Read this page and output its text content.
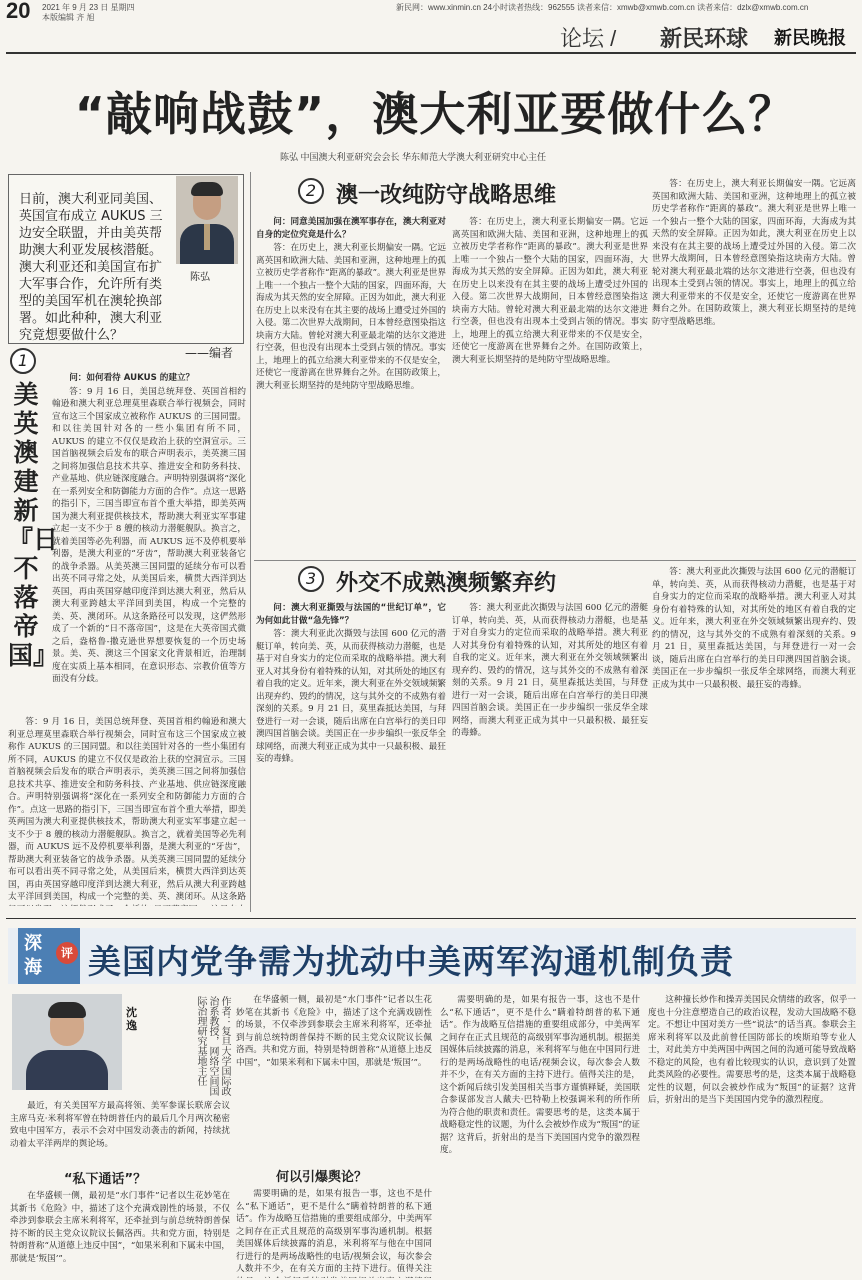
20 2021 年 9 月 23 日 星期四
本版编辑 齐 旭
新民网：www.xinmin.cn 24小时读者热线：962555 读者来信：xmwb@xmwb.com.cn 读者来信：dzlx@xmwb.com.cn
论坛 / 新民环球 新民晚报
“敲响战鼓”，澳大利亚要做什么？
陈弘 中国澳大利亚研究会会长 华东师范大学澳大利亚研究中心主任
日前，澳大利亚同美国、英国宣布成立 AUKUS 三边安全联盟，并由美英帮助澳大利亚发展核潜艇。澳大利亚还和美国宣布扩大军事合作，允许所有类型的美国军机在澳轮换部署。如此种种，澳大利亚究竟想要做什么？
——编者
陈弘
1
美英澳建新『日不落帝国』

问：如何看待 AUKUS 的建立？

答：9 月 16 日，美国总统拜登、英国首相约翰逊和澳大利亚总理莫里森联合举行视频会，同时宣布这三个国家成立被称作 AUKUS 的三国同盟。和以往美国针对各的一些小集团有所不同，AUKUS 的建立不仅仅是政治上获的空洞宣示。三国首脑视频会后发布的联合声明表示，美英澳三国之间将加强信息技术共享、推进安全和防务科技、产业基地、供应链深度融合。声明特别强调将“深化在一系列安全和防御能力方面的合作”。点这一思路的指引下，三国当即宣布首个重大举措，即美英两国为澳大利亚提供核技术，帮助澳大利亚实军事建立起一支不少于 8 艘的核动力潜艇舰队。换言之，就着美国等必先利器，而 AUKUS 远不及停机要举利器，是澳大利亚的“牙齿”，帮助澳大利亚装备它的战争杀器。从美英澳三国同盟的延续分布可以看出英不同寻常之处，从美国后来，横贯大西洋到达英国，再由英国穿越印度洋到达澳大利亚，然后从澳大利亚跨越太平洋回到美国，构成一个完整的美、英、澳闭环。从这条路径可以发现，这俨然形成了一个新的“日不落帝国”，这是在大英帝国式微之后，盎格鲁-撒克逊世界想要恢复的一个历史场景。美、英、澳这三个国家文化背景相近，治理制度在实质上基本相同，在意识形态、宗教价值等方面没有分歧。

答：9 月 16 日，美国总统拜登、英国首相约翰逊和澳大利亚总理莫里森联合举行视频会，同时宣布这三个国家成立被称作 AUKUS 的三国同盟。和以往美国针对各的一些小集团有所不同，AUKUS 的建立不仅仅是政治上获的空洞宣示。三国首脑视频会后发布的联合声明表示，美英澳三国之间将加强信息技术共享、推进安全和防务科技、产业基地、供应链深度融合。声明特别强调将“深化在一系列安全和防御能力方面的合作”。点这一思路的指引下，三国当即宣布首个重大举措，即美英两国为澳大利亚提供核技术，帮助澳大利亚实军事建立起一支不少于 8 艘的核动力潜艇舰队。换言之，就着美国等必先利器，而 AUKUS 远不及停机要举利器，是澳大利亚的“牙齿”，帮助澳大利亚装备它的战争杀器。从美英澳三国同盟的延续分布可以看出英不同寻常之处，从美国后来，横贯大西洋到达英国，再由英国穿越印度洋到达澳大利亚，然后从澳大利亚跨越太平洋回到美国，构成一个完整的美、英、澳闭环。从这条路

2 澳一改纯防守战略思维

问：同意美国加强在澳军事存在，澳大利亚对自身的定位究竟是什么？

答：在历史上，澳大利亚长期偏安一隅。它远离英国和欧洲大陆、美国和亚洲，这种地理上的孤立被历史学者称作“距离的暴政”。澳大利亚是世界上唯一一个独占一整个大陆的国家，四面环海，大海成为其天然的安全屏障。正因为如此，澳大利亚在历史上以来没有在其主要的战场上遭受过外国的入侵。第二次世界大战期间，日本曾经意图染指这块南方大陆。曾轮对澳大利亚最北端的达尔文港进行空袭，但也没有出现本土受到占领的情况。事实上，地理上的孤立给澳大利亚带来的不仅是安全，还使它一度游离在世界舞台之外。在国防政策上，澳大利亚长期坚持的是纯防守型战略思维。

答：在历史上，澳大利亚长期偏安一隅。它远离英国和欧洲大陆、美国和亚洲，这种地理上的孤立被历史学者称作“距离的暴政”。澳大利亚是世界上唯一一个独占一整个大陆的国家，四面环海，大海成为其天然的安全屏障。正因为如此，澳大利亚在历史上以来没有在其主要的战场上遭受过外国的入侵。第二次世界大战期间，日本曾经意图染指这块南方大陆。曾轮对澳大利亚最北端的达尔文港进行空袭，但也没有出现本土受到占领的情况。事实上，地理上的孤立给澳大利亚带来的不仅是安全，还使它一度游离在世界舞台之外。在国防政策上，澳大利亚长期坚持的是纯防守型战略思维。

答：在历史上，澳大利亚长期偏安一隅。它远离英国和欧洲大陆、美国和亚洲，这种地理上的孤立被历史学者称作“距离的暴政”。澳大利亚是世界上唯一一个独占一整个大陆的国家，四面环海，大海成为其天然的安全屏障。正因为如此，澳大利亚在历史上以来没有在其主要的战场上遭受过外国的入侵。第二次世界大战期间，日本曾经意图染指这块南方大陆。曾轮对澳大利亚最北端的达尔文港进行空袭，但也没有出现本土受到占领的情况。事实上，地理上的孤立给澳大利亚带来的不仅是安全，还使它一度游离在世界舞台之外。在国防政策上，澳大利亚长期坚持的是纯防守型战略思维。

3 外交不成熟澳频繁弃约

问：澳大利亚撕毁与法国的“世纪订单”，它为何如此甘做“急先锋”？

答：澳大利亚此次撕毁与法国 600 亿元的潜艇订单，转向美、英，从而获得核动力潜艇，也是基于对自身实力的定位而采取的战略举措。澳大利亚人对其身份有着特殊的认知，对其所处的地区有着自我的定义。近年来，澳大利亚在外交领域频繁出现弃约、毁约的情况，这与其外交的不成熟有着深刻的关系。9 月 21 日，莫里森抵达美国，与拜登进行一对一会谈，随后出席在白宫举行的美日印澳四国首脑会谈。美国正在一步步编织一张反华全球网络，而澳大利亚正成为其中一只最积极、最狂妄的毒蜂。

答：澳大利亚此次撕毁与法国 600 亿元的潜艇订单，转向美、英，从而获得核动力潜艇，也是基于对自身实力的定位而采取的战略举措。澳大利亚人对其身份有着特殊的认知，对其所处的地区有着自我的定义。近年来，澳大利亚在外交领域频繁出现弃约、毁约的情况，这与其外交的不成熟有着深刻的关系。9 月 21 日，莫里森抵达美国，与拜登进行一对一会谈，随后出席在白宫举行的美日印澳四国首脑会谈。美国正在一步步编织一张反华全球网络，而澳大利亚正成为其中一只最积极、最狂妄的毒蜂。

答：澳大利亚此次撕毁与法国 600 亿元的潜艇订单，转向美、英，从而获得核动力潜艇，也是基于对自身实力的定位而采取的战略举措。澳大利亚人对其身份有着特殊的认知，对其所处的地区有着自我的定义。近年来，澳大利亚在外交领域频繁出现弃约、毁约的情况，这与其外交的不成熟有着深刻的关系。9 月 21 日，莫里森抵达美国，与拜登进行一对一会谈，随后出席在白宫举行的美日印澳四国首脑会谈。美国正在一步步编织一张反华全球网络，而澳大利亚正成为其中一只最积极、最狂妄的毒蜂。

深
海
评 美国内党争需为扰动中美两军沟通机制负责
沈逸	作者：复旦大学国际政治系教授，网络空间国际治理研究基地主任

最近，有关美国军方最高将领、美军参谋长联席会议主席马克·米利将军曾在特朗普任内的最后几个月两次秘密致电中国军方，表示不会对中国发动袭击的新闻，持续扰动着太平洋两岸的舆论场。

“私下通话”？

在华盛顿一侧，最初是“水门事件”记者以生花妙笔在其新书《危险》中，描述了这个充满戏剧性的场景，不仅牵涉到参联会主席米利将军，还牵扯到与前总统特朗普保持不断的民主党众议院议长佩洛西。共和党方面，特别是特朗普称“从道德上违反中国”，“如果米利和下属未中国，那就是‘叛国’”。

在华盛顿一侧，最初是“水门事件”记者以生花妙笔在其新书《危险》中，描述了这个充满戏剧性的场景，不仅牵涉到参联会主席米利将军，还牵扯到与前总统特朗普保持不断的民主党众议院议长佩洛西。共和党方面，特别是特朗普称“从道德上违反中国”，“如果米利和下属未中国，那就是‘叛国’”。

何以引爆舆论？

需要明确的是，如果有报告一事，这也不是什么“私下通话”，更不是什么“瞒着特朗普的私下通话”。作为战略互信措施的重要组成部分，中美两军之间存在正式且规范的高级别军事沟通机制。根据美国媒体后续披露的消息，米利将军与他在中国同行进行的是两场战略性的电话/视频会议，每次参会人数并不少，在有关方面的主持下进行。值得关注

需要明确的是，如果有报告一事，这也不是什么“私下通话”，更不是什么“瞒着特朗普的私下通话”。作为战略互信措施的重要组成部分，中美两军之间存在正式且规范的高级别军事沟通机制。根据美国媒体后续披露的消息，米利将军与他在中国同行进行的是两场战略性的电话/视频会议，每次参会人数并不少，在有关方面的主持下进行。值得关注的是，这个新闻后续引发美国相关当事方谨慎释疑，美国联合参谋部发言人戴夫·巴特勒上校强调米利的所作所为符合他的职责和责任。需要思考的是，这类本属于战略稳定性的议题，为什么会被炒作成为“叛国”的证据？这背后，折射出的是当下美国国内党争的激烈程度。

这种撞长炒作和操弄美国民众情绪的政客，似乎一度也十分注意塑造自己的政治议程，发动大国战略不稳定。不想让中国对美方一些“说法”的话当真。参联会主席米利将军以及此前曾任国防部长的埃斯珀等专业人士，对此美方中美两国中两国之间的沟通可能导致战略不稳定的风险，也有着比较现实的认识，意识到了处置此类风险的必要性。需要思考的是，这类本属于战略稳定性的议题，何以会被炒作成为“叛国”的证据？这背后，折射出的是当下美国国内党争的激烈程度。
